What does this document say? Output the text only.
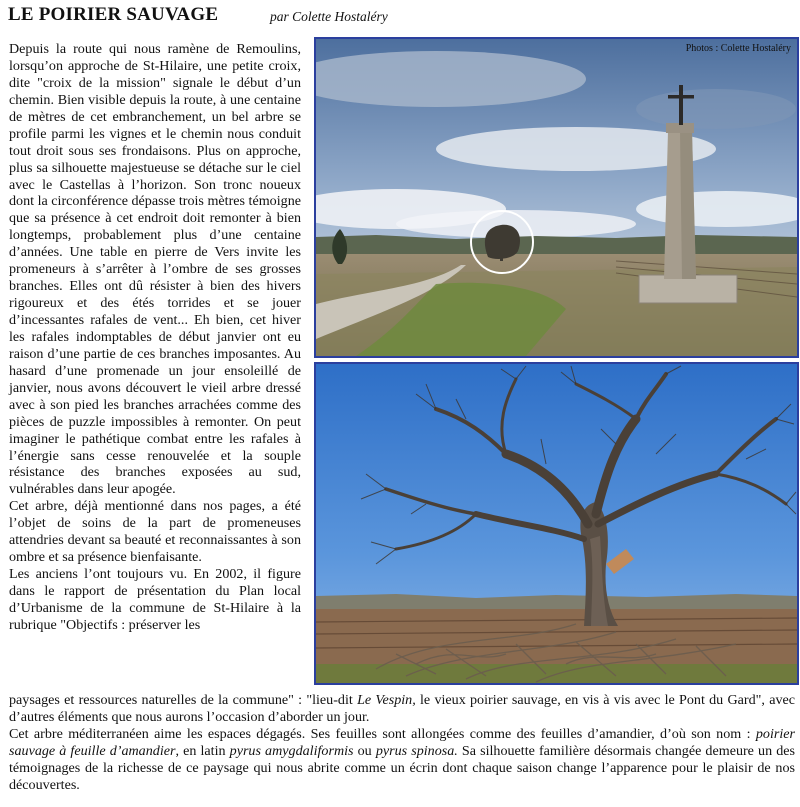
LE POIRIER SAUVAGE	par Colette Hostaléry

Depuis la route qui nous ramène de Remoulins, lorsqu’on approche de St-Hilaire, une petite croix, dite "croix de la mission" signale le début d’un chemin. Bien visible depuis la route, à une centaine de mètres de cet embranchement, un bel arbre se profile parmi les vignes et le chemin nous conduit tout droit sous ses frondaisons. Plus on approche, plus sa silhouette majestueuse se détache sur le ciel avec le Castellas à l’horizon. Son tronc noueux dont la circonférence dépasse trois mètres témoigne que sa présence à cet endroit doit remonter à bien longtemps, probablement plus d’une centaine d’années. Une table en pierre de Vers invite les promeneurs à s’arrêter à l’ombre de ses grosses branches. Elles ont dû résister à bien des hivers rigoureux et des étés torrides et se jouer d’incessantes rafales de vent... Eh bien, cet hiver les rafales indomptables de début janvier ont eu raison d’une partie de ces branches imposantes. Au hasard d’une promenade un jour ensoleillé de janvier, nous avons découvert le vieil arbre dressé avec à son pied les branches arrachées comme des pièces de puzzle impossibles à remonter. On peut imaginer le pathétique combat entre les rafales à l’énergie sans cesse renouvelée et la souple résistance des branches exposées au sud, vulnérables dans leur apogée.

Cet arbre, déjà mentionné dans nos pages, a été l’objet de soins de la part de promeneuses attendries devant sa beauté et reconnaissantes à son ombre et sa présence bienfaisante.

Les anciens l’ont toujours vu. En 2002, il figure dans le rapport de présentation du Plan local d’Urbanisme de la commune de St-Hilaire à la rubrique "Objectifs : préserver les

paysages et ressources naturelles de la commune" : "lieu-dit Le Vespin, le vieux poirier sauvage, en vis à vis avec le Pont du Gard", avec d’autres éléments que nous aurons l’occasion d’aborder un jour.

Cet arbre méditerranéen aime les espaces dégagés. Ses feuilles sont allongées comme des feuilles d’amandier, d’où son nom : poirier sauvage à feuille d’amandier, en latin pyrus amygdaliformis ou pyrus spinosa. Sa silhouette familière désormais changée demeure un des témoignages de la richesse de ce paysage qui nous abrite comme un écrin dont chaque saison change l’apparence pour le plaisir de nos découvertes.

Photos : Colette Hostaléry
